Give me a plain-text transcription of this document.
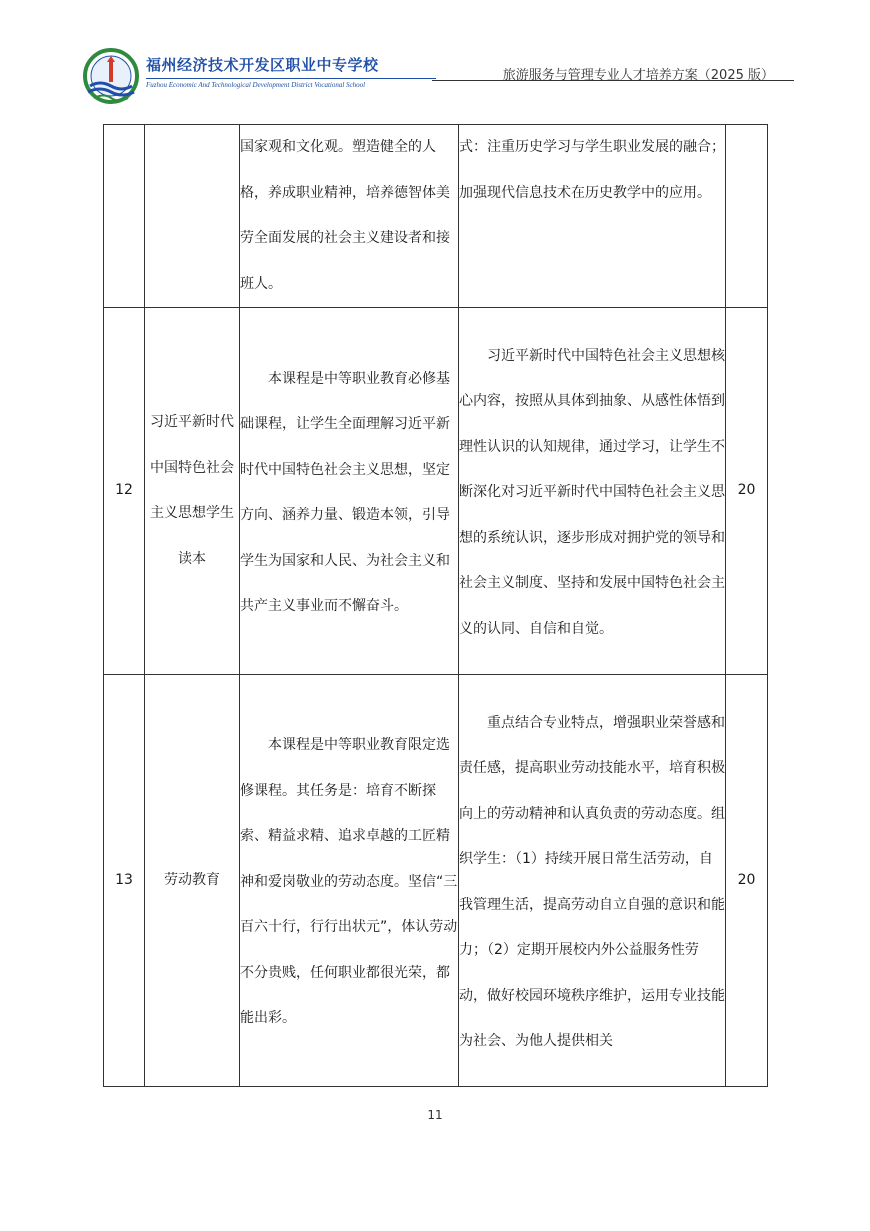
福州经济技术开发区职业中专学校
Fuzhou Economic And Technological Development District Vocational School
旅游服务与管理专业人才培养方案（2025 版）

		国家观和文化观。塑造健全的人格，养成职业精神，培养德智体美劳全面发展的社会主义建设者和接班人。	式：注重历史学习与学生职业发展的融合；加强现代信息技术在历史教学中的应用。	

12	习近平新时代中国特色社会主义思想学生读本	本课程是中等职业教育必修基础课程，让学生全面理解习近平新时代中国特色社会主义思想，坚定方向、涵养力量、锻造本领，引导学生为国家和人民、为社会主义和共产主义事业而不懈奋斗。	习近平新时代中国特色社会主义思想核心内容，按照从具体到抽象、从感性体悟到理性认识的认知规律，通过学习，让学生不断深化对习近平新时代中国特色社会主义思想的系统认识，逐步形成对拥护党的领导和社会主义制度、坚持和发展中国特色社会主义的认同、自信和自觉。	20
13	劳动教育	本课程是中等职业教育限定选修课程。其任务是：培育不断探索、精益求精、追求卓越的工匠精神和爱岗敬业的劳动态度。坚信“三百六十行，行行出状元”，体认劳动不分贵贱，任何职业都很光荣，都能出彩。	重点结合专业特点，增强职业荣誉感和责任感，提高职业劳动技能水平，培育积极向上的劳动精神和认真负责的劳动态度。组织学生：（1）持续开展日常生活劳动，自我管理生活，提高劳动自立自强的意识和能力；（2）定期开展校内外公益服务性劳动，做好校园环境秩序维护，运用专业技能为社会、为他人提供相关	20
11
